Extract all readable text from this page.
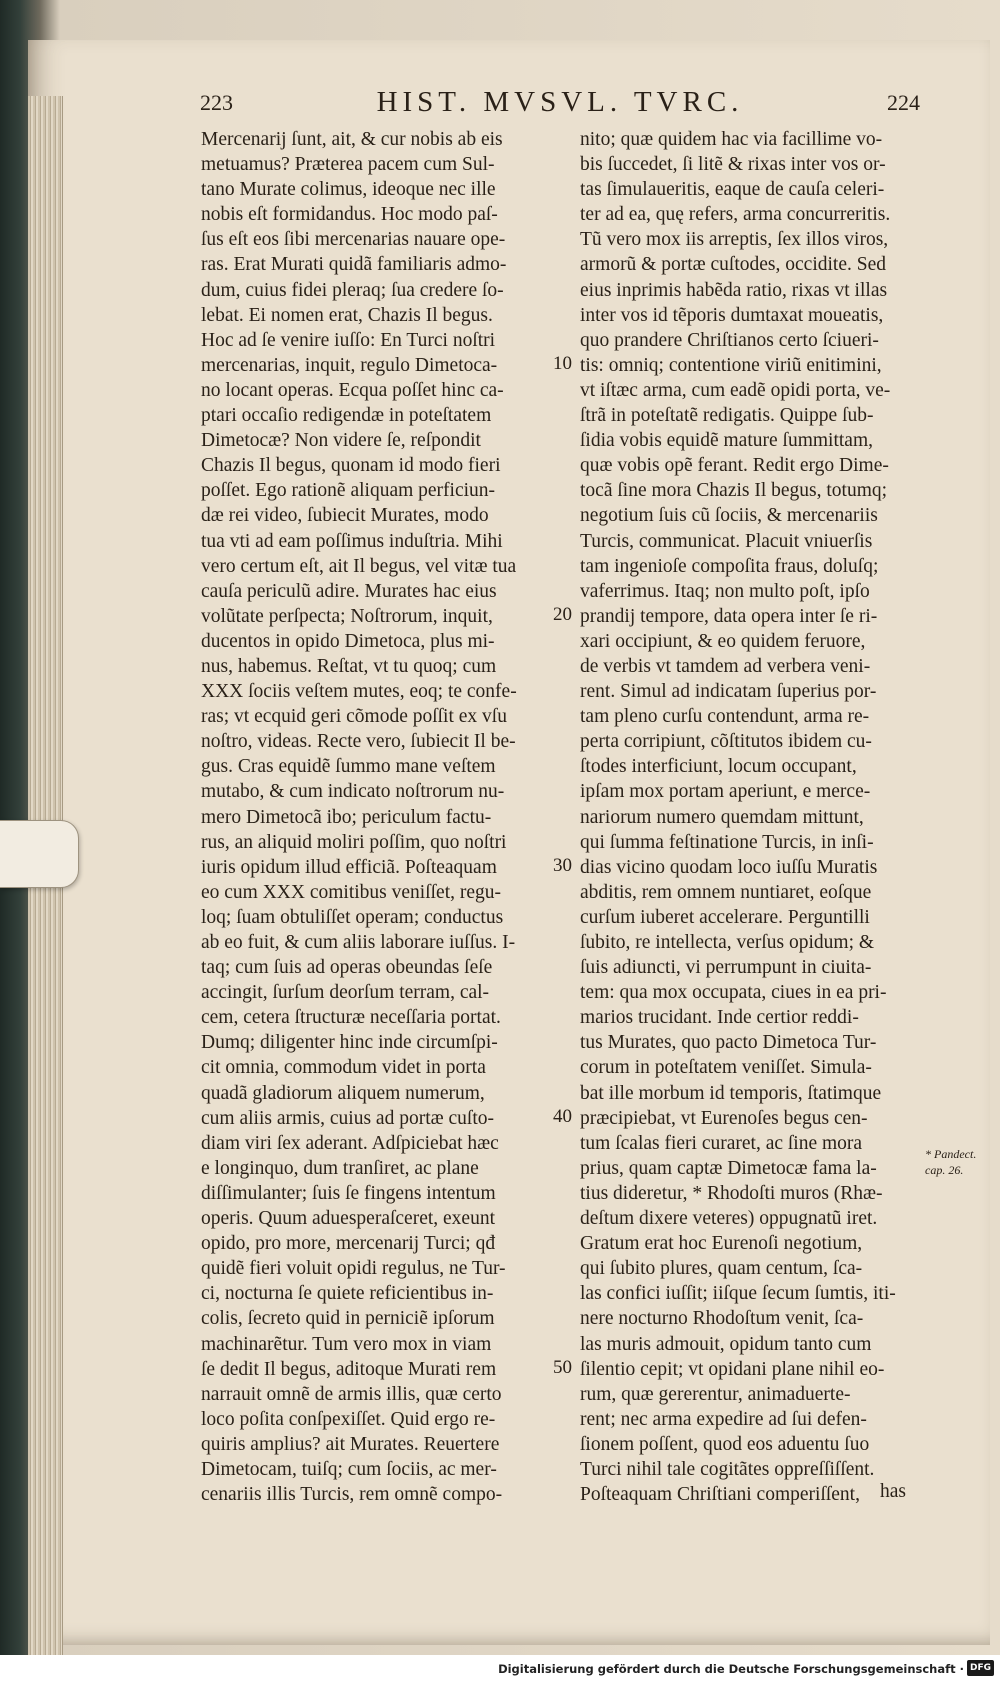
223	HIST. MVSVL. TVRC.	224
Mercenarij ſunt, ait, & cur nobis ab eis
metuamus? Præterea pacem cum Sul-
tano Murate colimus, ideoque nec ille
nobis eſt formidandus. Hoc modo paſ-
ſus eſt eos ſibi mercenarias nauare ope-
ras. Erat Murati quidã familiaris admo-
dum, cuius fidei pleraq; ſua credere ſo-
lebat. Ei nomen erat, Chazis Il begus.
Hoc ad ſe venire iuſſo: En Turci noſtri
mercenarias, inquit, regulo Dimetoca-
no locant operas. Ecqua poſſet hinc ca-
ptari occaſio redigendæ in poteſtatem
Dimetocæ? Non videre ſe, reſpondit
Chazis Il begus, quonam id modo fieri
poſſet. Ego rationẽ aliquam perficiun-
dæ rei video, ſubiecit Murates, modo
tua vti ad eam poſſimus induſtria. Mihi
vero certum eſt, ait Il begus, vel vitæ tua
cauſa periculũ adire. Murates hac eius
volũtate perſpecta; Noſtrorum, inquit,
ducentos in opido Dimetoca, plus mi-
nus, habemus. Reſtat, vt tu quoq; cum
XXX ſociis veſtem mutes, eoq; te confe-
ras; vt ecquid geri cõmode poſſit ex vſu
noſtro, videas. Recte vero, ſubiecit Il be-
gus. Cras equidẽ ſummo mane veſtem
mutabo, & cum indicato noſtrorum nu-
mero Dimetocã ibo; periculum factu-
rus, an aliquid moliri poſſim, quo noſtri
iuris opidum illud efficiã. Poſteaquam
eo cum XXX comitibus veniſſet, regu-
loq; ſuam obtuliſſet operam; conductus
ab eo fuit, & cum aliis laborare iuſſus. I-
taq; cum ſuis ad operas obeundas ſeſe
accingit, ſurſum deorſum terram, cal-
cem, cetera ſtructuræ neceſſaria portat.
Dumq; diligenter hinc inde circumſpi-
cit omnia, commodum videt in porta
quadã gladiorum aliquem numerum,
cum aliis armis, cuius ad portæ cuſto-
diam viri ſex aderant. Adſpiciebat hæc
e longinquo, dum tranſiret, ac plane
diſſimulanter; ſuis ſe fingens intentum
operis. Quum aduesperaſceret, exeunt
opido, pro more, mercenarij Turci; qđ
quidẽ fieri voluit opidi regulus, ne Tur-
ci, nocturna ſe quiete reficientibus in-
colis, ſecreto quid in perniciẽ ipſorum
machinarẽtur. Tum vero mox in viam
ſe dedit Il begus, aditoque Murati rem
narrauit omnẽ de armis illis, quæ certo
loco poſita conſpexiſſet. Quid ergo re-
quiris amplius? ait Murates. Reuertere
Dimetocam, tuiſq; cum ſociis, ac mer-
cenariis illis Turcis, rem omnẽ compo-
10
20
30
40
50
nito; quæ quidem hac via facillime vo-
bis ſuccedet, ſi litẽ & rixas inter vos or-
tas ſimulaueritis, eaque de cauſa celeri-
ter ad ea, quę refers, arma concurreritis.
Tũ vero mox iis arreptis, ſex illos viros,
armorũ & portæ cuſtodes, occidite. Sed
eius inprimis habẽda ratio, rixas vt illas
inter vos id tẽporis dumtaxat moueatis,
quo prandere Chriſtianos certo ſciueri-
tis: omniq; contentione viriũ enitimini,
vt iſtæc arma, cum eadẽ opidi porta, ve-
ſtrã in poteſtatẽ redigatis. Quippe ſub-
ſidia vobis equidẽ mature ſummittam,
quæ vobis opẽ ferant. Redit ergo Dime-
tocã ſine mora Chazis Il begus, totumq;
negotium ſuis cũ ſociis, & mercenariis
Turcis, communicat. Placuit vniuerſis
tam ingenioſe compoſita fraus, doluſq;
vaferrimus. Itaq; non multo poſt, ipſo
prandij tempore, data opera inter ſe ri-
xari occipiunt, & eo quidem feruore,
de verbis vt tamdem ad verbera veni-
rent. Simul ad indicatam ſuperius por-
tam pleno curſu contendunt, arma re-
perta corripiunt, cõſtitutos ibidem cu-
ſtodes interficiunt, locum occupant,
ipſam mox portam aperiunt, e merce-
nariorum numero quemdam mittunt,
qui ſumma feſtinatione Turcis, in inſi-
dias vicino quodam loco iuſſu Muratis
abditis, rem omnem nuntiaret, eoſque
curſum iuberet accelerare. Perguntilli
ſubito, re intellecta, verſus opidum; &
ſuis adiuncti, vi perrumpunt in ciuita-
tem: qua mox occupata, ciues in ea pri-
marios trucidant. Inde certior reddi-
tus Murates, quo pacto Dimetoca Tur-
corum in poteſtatem veniſſet. Simula-
bat ille morbum id temporis, ſtatimque
præcipiebat, vt Eurenoſes begus cen-
tum ſcalas fieri curaret, ac ſine mora
prius, quam captæ Dimetocæ fama la-
tius dideretur, * Rhodoſti muros (Rhæ-
deſtum dixere veteres) oppugnatũ iret.
Gratum erat hoc Eurenoſi negotium,
qui ſubito plures, quam centum, ſca-
las confici iuſſit; iiſque ſecum ſumtis, iti-
nere nocturno Rhodoſtum venit, ſca-
las muris admouit, opidum tanto cum
ſilentio cepit; vt opidani plane nihil eo-
rum, quæ gererentur, animaduerte-
rent; nec arma expedire ad ſui defen-
ſionem poſſent, quod eos aduentu ſuo
Turci nihil tale cogitãtes oppreſſiſſent.
Poſteaquam Chriſtiani comperiſſent,
* Pandect.
cap. 26.
has
Digitalisierung gefördert durch die Deutsche Forschungsgemeinschaft · DFG
